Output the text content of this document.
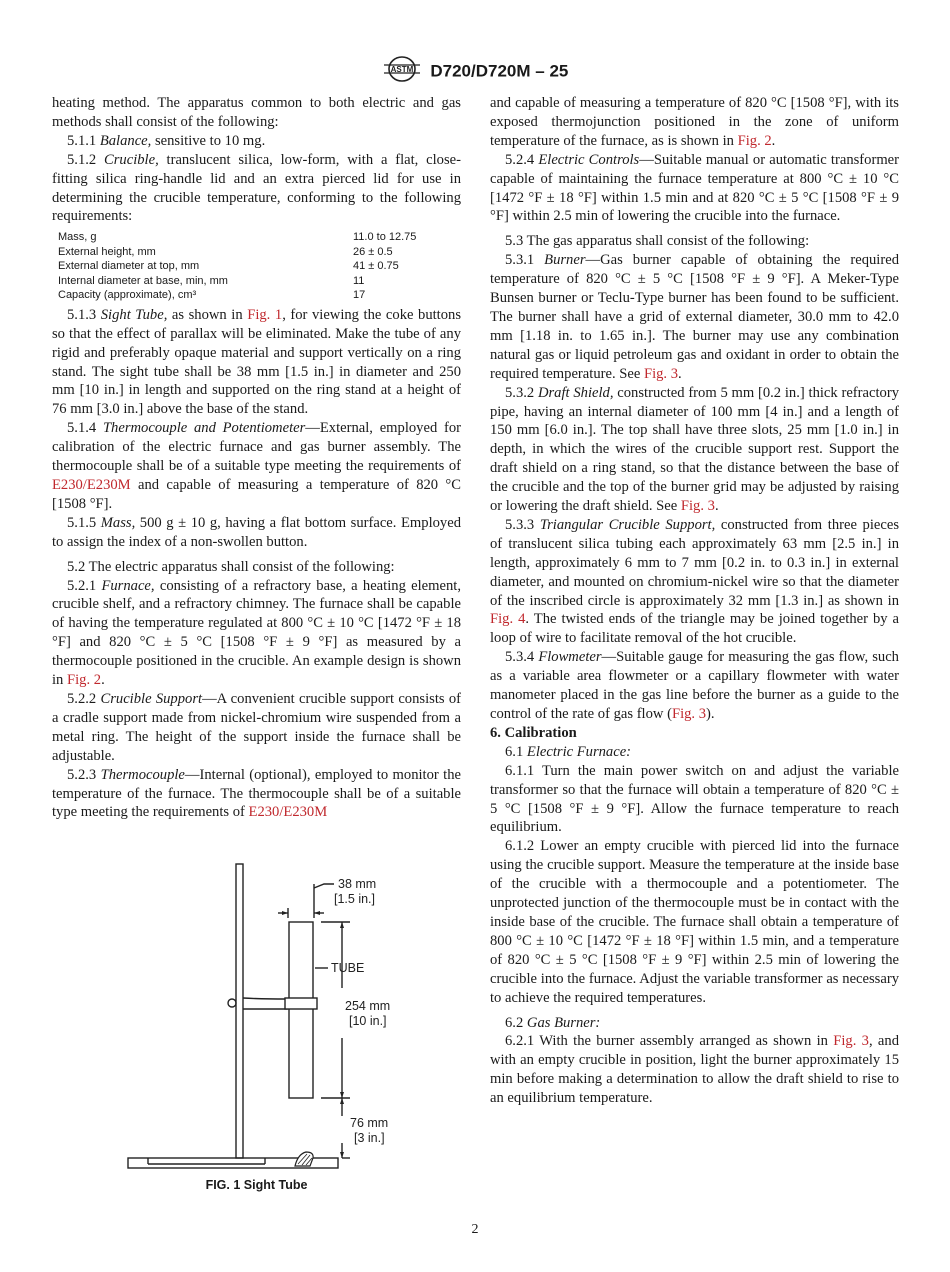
ASTM D720/D720M – 25

heating method. The apparatus common to both electric and gas methods shall consist of the following:

5.1.1 Balance, sensitive to 10 mg.

5.1.2 Crucible, translucent silica, low-form, with a flat, close-fitting silica ring-handle lid and an extra pierced lid for use in determining the crucible temperature, conforming to the following requirements:

Mass, g	11.0 to 12.75
External height, mm	26 ± 0.5
External diameter at top, mm	41 ± 0.75
Internal diameter at base, min, mm	11
Capacity (approximate), cm³	17

5.1.3 Sight Tube, as shown in Fig. 1, for viewing the coke buttons so that the effect of parallax will be eliminated. Make the tube of any rigid and preferably opaque material and support vertically on a ring stand. The sight tube shall be 38 mm [1.5 in.] in diameter and 250 mm [10 in.] in length and supported on the ring stand at a height of 76 mm [3.0 in.] above the base of the stand.

5.1.4 Thermocouple and Potentiometer—External, employed for calibration of the electric furnace and gas burner assembly. The thermocouple shall be of a suitable type meeting the requirements of E230/E230M and capable of measuring a temperature of 820 °C [1508 °F].

5.1.5 Mass, 500 g ± 10 g, having a flat bottom surface. Employed to assign the index of a non-swollen button.

5.2 The electric apparatus shall consist of the following:

5.2.1 Furnace, consisting of a refractory base, a heating element, crucible shelf, and a refractory chimney. The furnace shall be capable of having the temperature regulated at 800 °C ± 10 °C [1472 °F ± 18 °F] and 820 °C ± 5 °C [1508 °F ± 9 °F] as measured by a thermocouple positioned in the crucible. An example design is shown in Fig. 2.

5.2.2 Crucible Support—A convenient crucible support consists of a cradle support made from nickel-chromium wire suspended from a metal ring. The height of the support inside the furnace shall be adjustable.

5.2.3 Thermocouple—Internal (optional), employed to monitor the temperature of the furnace. The thermocouple shall be of a suitable type meeting the requirements of E230/E230M

38 mm
[1.5 in.]
TUBE
254 mm
[10 in.]
76 mm
[3 in.]
FIG. 1 Sight Tube

and capable of measuring a temperature of 820 °C [1508 °F], with its exposed thermojunction positioned in the zone of uniform temperature of the furnace, as is shown in Fig. 2.

5.2.4 Electric Controls—Suitable manual or automatic transformer capable of maintaining the furnace temperature at 800 °C ± 10 °C [1472 °F ± 18 °F] within 1.5 min and at 820 °C ± 5 °C [1508 °F ± 9 °F] within 2.5 min of lowering the crucible into the furnace.

5.3 The gas apparatus shall consist of the following:

5.3.1 Burner—Gas burner capable of obtaining the required temperature of 820 °C ± 5 °C [1508 °F ± 9 °F]. A Meker-Type Bunsen burner or Teclu-Type burner has been found to be sufficient. The burner shall have a grid of external diameter, 30.0 mm to 42.0 mm [1.18 in. to 1.65 in.]. The burner may use any combination natural gas or liquid petroleum gas and oxidant in order to obtain the required temperature. See Fig. 3.

5.3.2 Draft Shield, constructed from 5 mm [0.2 in.] thick refractory pipe, having an internal diameter of 100 mm [4 in.] and a length of 150 mm [6.0 in.]. The top shall have three slots, 25 mm [1.0 in.] in depth, in which the wires of the crucible support rest. Support the draft shield on a ring stand, so that the distance between the base of the crucible and the top of the burner grid may be adjusted by raising or lowering the draft shield. See Fig. 3.

5.3.3 Triangular Crucible Support, constructed from three pieces of translucent silica tubing each approximately 63 mm [2.5 in.] in length, approximately 6 mm to 7 mm [0.2 in. to 0.3 in.] in external diameter, and mounted on chromium-nickel wire so that the diameter of the inscribed circle is approximately 32 mm [1.3 in.] as shown in Fig. 4. The twisted ends of the triangle may be joined together by a loop of wire to facilitate removal of the hot crucible.

5.3.4 Flowmeter—Suitable gauge for measuring the gas flow, such as a variable area flowmeter or a capillary flowmeter with water manometer placed in the gas line before the burner as a guide to the control of the rate of gas flow (Fig. 3).

6. Calibration

6.1 Electric Furnace:

6.1.1 Turn the main power switch on and adjust the variable transformer so that the furnace will obtain a temperature of 820 °C ± 5 °C [1508 °F ± 9 °F]. Allow the furnace temperature to reach equilibrium.

6.1.2 Lower an empty crucible with pierced lid into the furnace using the crucible support. Measure the temperature at the inside base of the crucible with a thermocouple and a potentiometer. The unprotected junction of the thermocouple must be in contact with the inside base of the crucible. The furnace shall obtain a temperature of 800 °C ± 10 °C [1472 °F ± 18 °F] within 1.5 min, and a temperature of 820 °C ± 5 °C [1508 °F ± 9 °F] within 2.5 min of lowering the crucible into the furnace. Adjust the variable transformer as necessary to achieve the required temperatures.

6.2 Gas Burner:

6.2.1 With the burner assembly arranged as shown in Fig. 3, and with an empty crucible in position, light the burner approximately 15 min before making a determination to allow the draft shield to rise to an equilibrium temperature.

2
